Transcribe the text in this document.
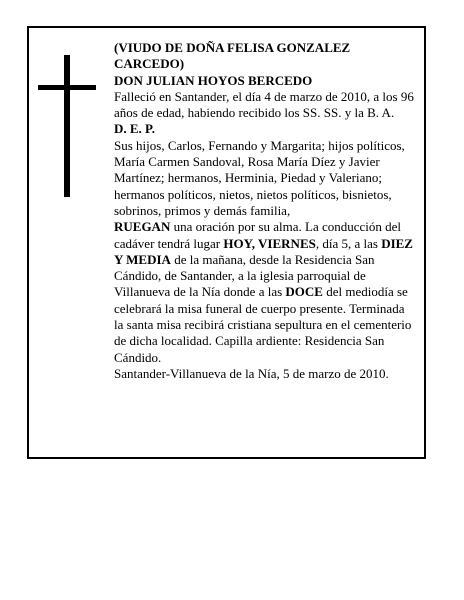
(VIUDO DE DOÑA FELISA GONZALEZ CARCEDO)

DON JULIAN HOYOS BERCEDO

Falleció en Santander, el día 4 de marzo de 2010, a los 96 años de edad, habiendo recibido los SS. SS. y la B. A.

D. E. P.

Sus hijos, Carlos, Fernando y Margarita; hijos políticos, María Carmen Sandoval, Rosa María Díez y Javier Martínez; hermanos, Herminia, Piedad y Valeriano; hermanos políticos, nietos, nietos políticos, bisnietos, sobrinos, primos y demás familia,

RUEGAN una oración por su alma. La conducción del cadáver tendrá lugar HOY, VIERNES, día 5, a las DIEZ Y MEDIA de la mañana, desde la Residencia San Cándido, de Santander, a la iglesia parroquial de Villanueva de la Nía donde a las DOCE del mediodía se celebrará la misa funeral de cuerpo presente. Terminada la santa misa recibirá cristiana sepultura en el cementerio de dicha localidad. Capilla ardiente: Residencia San Cándido.

Santander-Villanueva de la Nía, 5 de marzo de 2010.
